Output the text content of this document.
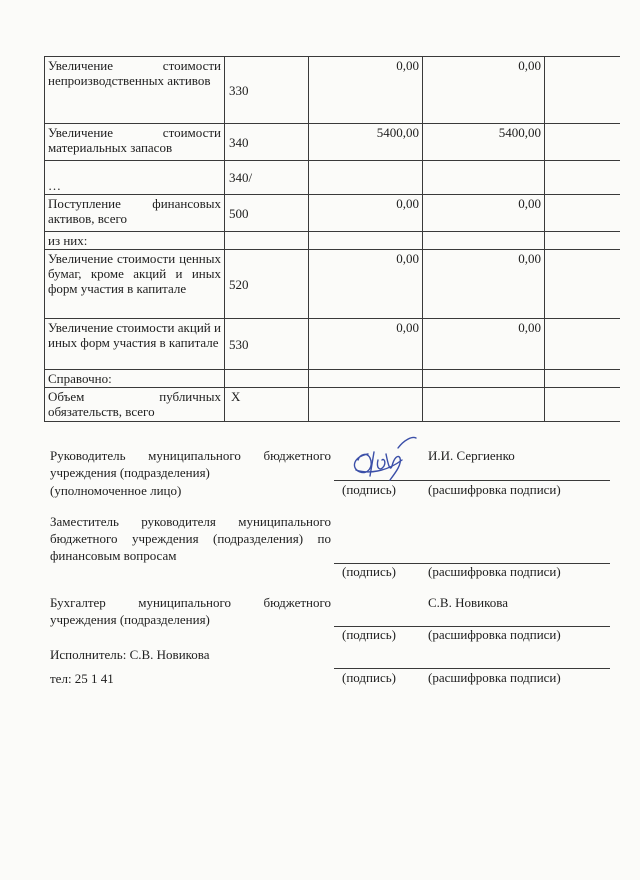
Увеличение стоимости непроизводственных активов	330	0,00	0,00	
Увеличение стоимости материальных запасов	340	5400,00	5400,00	
…	340/			
Поступление финансовых активов, всего	500	0,00	0,00	
из них:				
Увеличение стоимости ценных бумаг, кроме акций и иных форм участия в капитале	520	0,00	0,00	
Увеличение стоимости акций и иных форм участия в капитале	530	0,00	0,00	
Справочно:				
Объем публичных обязательств, всего	X			
Руководитель муниципального бюджетного учреждения (подразделения)
(уполномоченное лицо)
И.И. Сергиенко
(подпись) (расшифровка подписи)
Заместитель руководителя муниципального бюджетного учреждения (подразделения) по финансовым вопросам
(подпись) (расшифровка подписи)
Бухгалтер муниципального бюджетного учреждения (подразделения)
С.В. Новикова
(подпись) (расшифровка подписи)
Исполнитель: С.В. Новикова
тел: 25 1 41	(подпись) (расшифровка подписи)
